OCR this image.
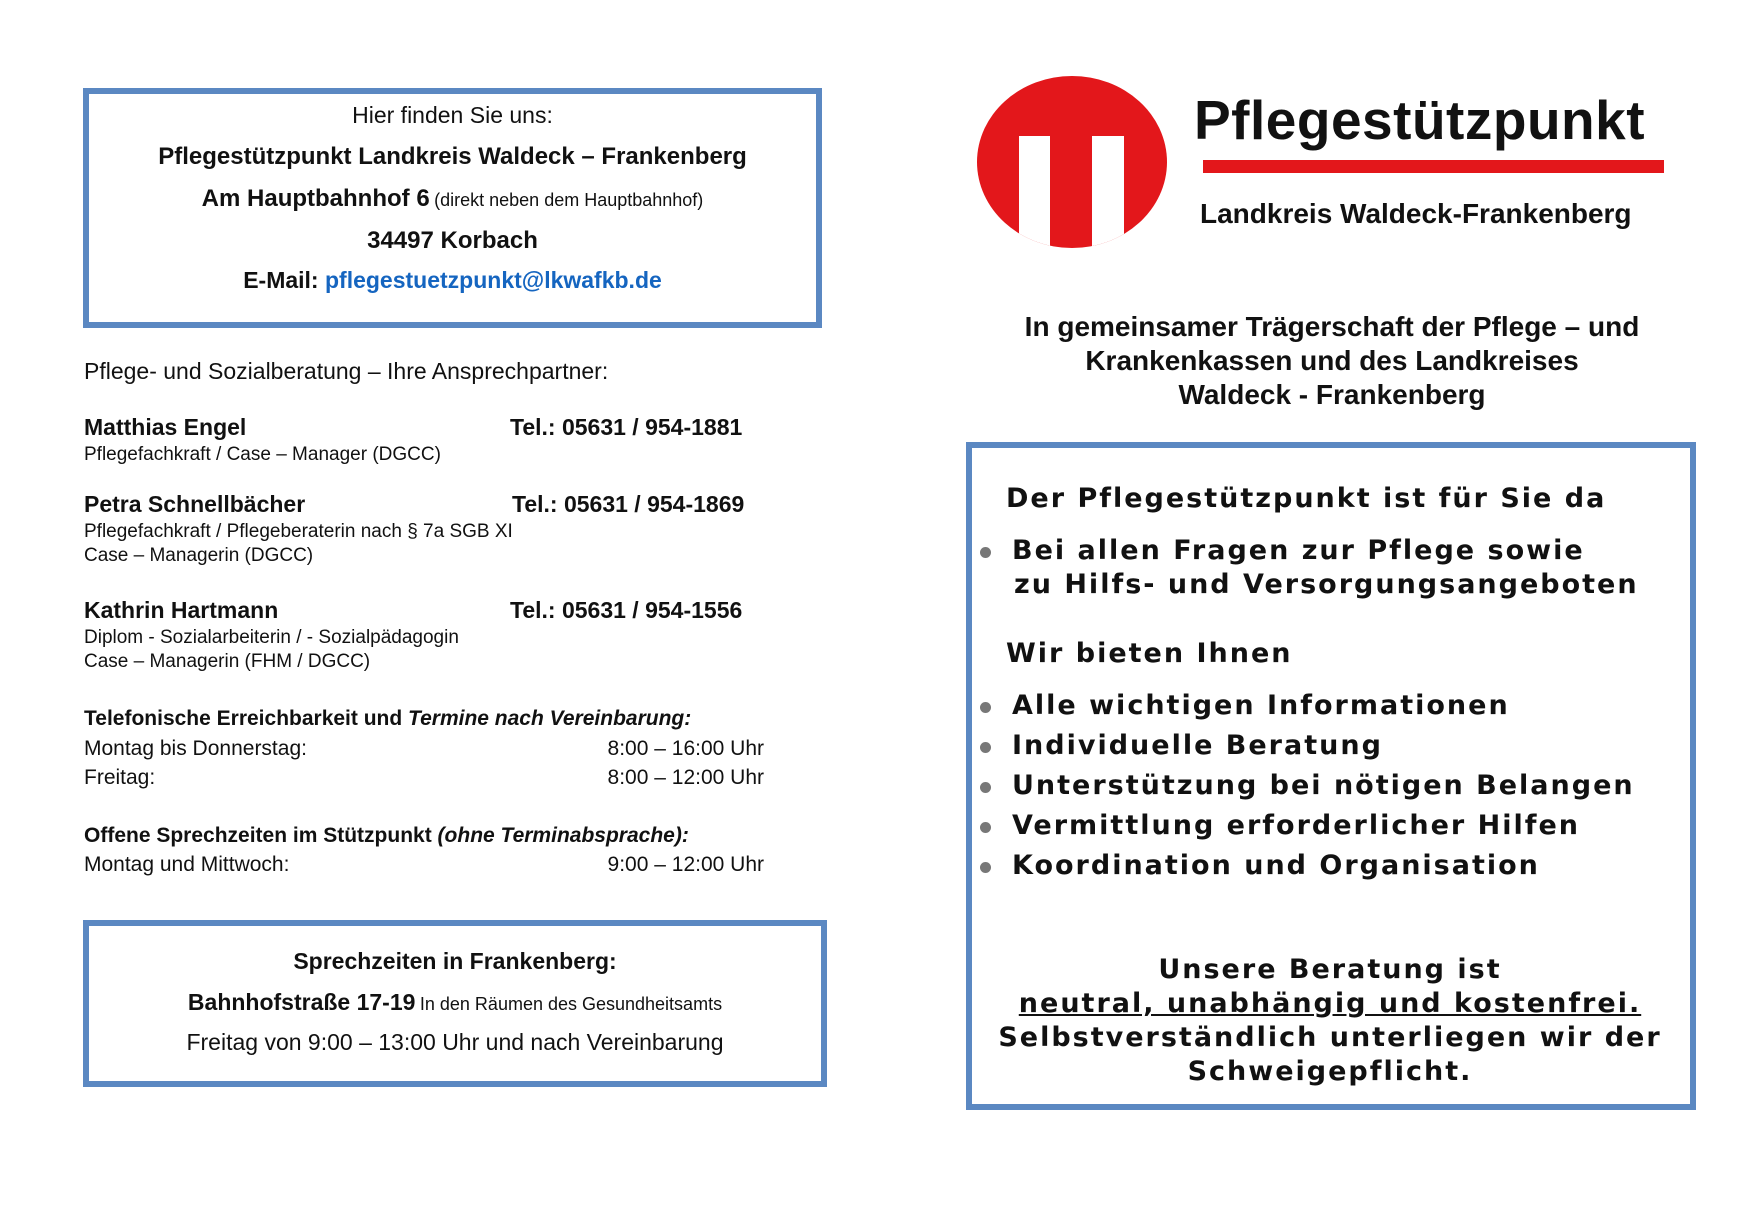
Hier finden Sie uns:
Pflegestützpunkt Landkreis Waldeck – Frankenberg
Am Hauptbahnhof 6 (direkt neben dem Hauptbahnhof)
34497 Korbach
E-Mail: pflegestuetzpunkt@lkwafkb.de
Pflege- und Sozialberatung – Ihre Ansprechpartner:
Matthias Engel	Tel.: 05631 / 954-1881
Pflegefachkraft / Case – Manager (DGCC)
Petra Schnellbächer	Tel.: 05631 / 954-1869
Pflegefachkraft / Pflegeberaterin nach § 7a SGB XI
Case – Managerin (DGCC)
Kathrin Hartmann	Tel.: 05631 / 954-1556
Diplom - Sozialarbeiterin / - Sozialpädagogin
Case – Managerin (FHM / DGCC)
Telefonische Erreichbarkeit und Termine nach Vereinbarung:
Montag bis Donnerstag:	8:00 – 16:00 Uhr
Freitag:	8:00 – 12:00 Uhr
Offene Sprechzeiten im Stützpunkt (ohne Terminabsprache):
Montag und Mittwoch:	9:00 – 12:00 Uhr
Sprechzeiten in Frankenberg:
Bahnhofstraße 17-19 In den Räumen des Gesundheitsamts
Freitag von 9:00 – 13:00 Uhr und nach Vereinbarung
Pflegestützpunkt
Landkreis Waldeck-Frankenberg
In gemeinsamer Trägerschaft der Pflege – und
Krankenkassen und des Landkreises
Waldeck - Frankenberg
Der Pflegestützpunkt ist für Sie da
Bei allen Fragen zur Pflege sowie
zu Hilfs- und Versorgungsangeboten
Wir bieten Ihnen
Alle wichtigen Informationen
Individuelle Beratung
Unterstützung bei nötigen Belangen
Vermittlung erforderlicher Hilfen
Koordination und Organisation
Unsere Beratung ist
neutral, unabhängig und kostenfrei.
Selbstverständlich unterliegen wir der
Schweigepflicht.
